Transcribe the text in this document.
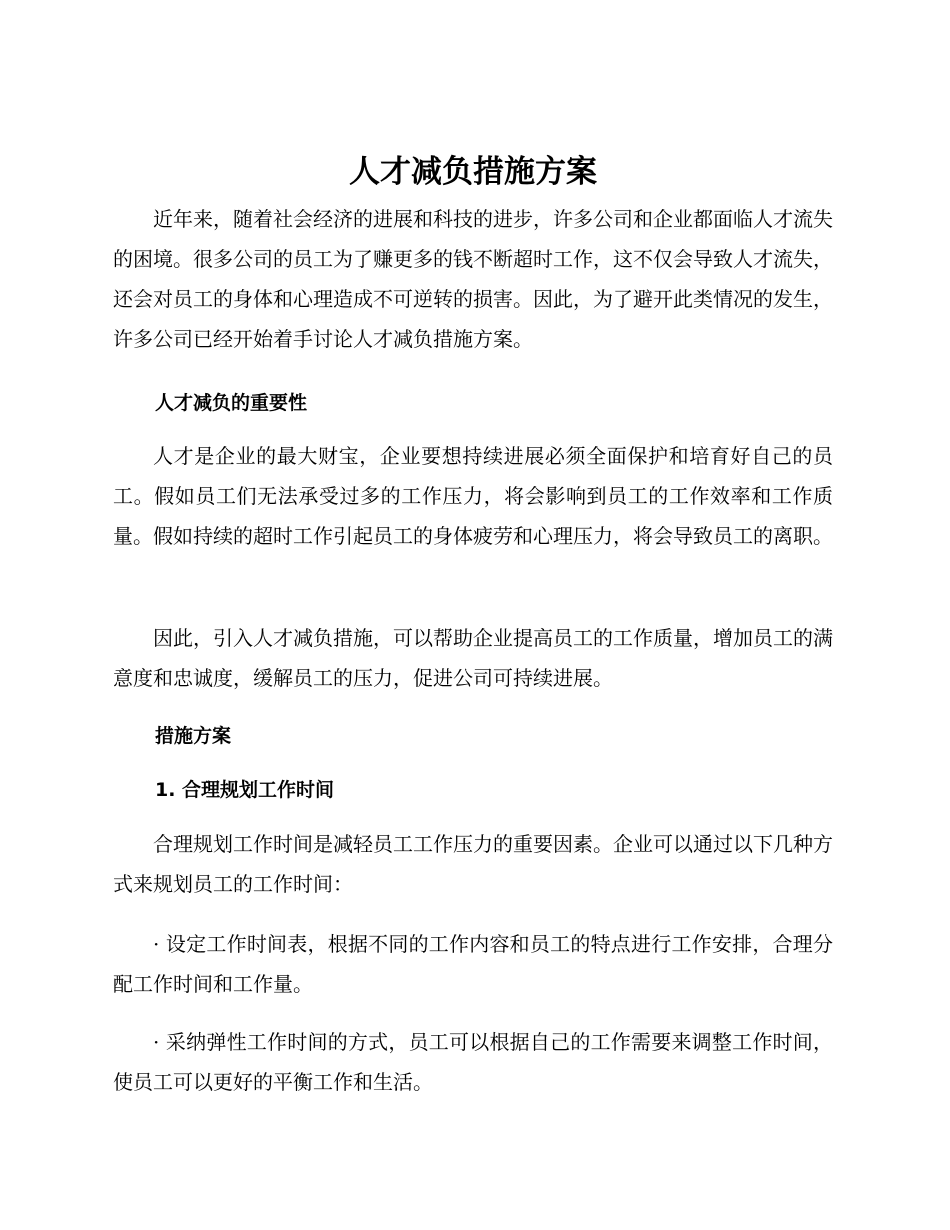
人才减负措施方案

近年来，随着社会经济的进展和科技的进步，许多公司和企业都面临人才流失的困境。很多公司的员工为了赚更多的钱不断超时工作，这不仅会导致人才流失，还会对员工的身体和心理造成不可逆转的损害。因此，为了避开此类情况的发生，许多公司已经开始着手讨论人才减负措施方案。

人才减负的重要性

人才是企业的最大财宝，企业要想持续进展必须全面保护和培育好自己的员工。假如员工们无法承受过多的工作压力，将会影响到员工的工作效率和工作质量。假如持续的超时工作引起员工的身体疲劳和心理压力，将会导致员工的离职。

因此，引入人才减负措施，可以帮助企业提高员工的工作质量，增加员工的满意度和忠诚度，缓解员工的压力，促进公司可持续进展。

措施方案
1. 合理规划工作时间

合理规划工作时间是减轻员工工作压力的重要因素。企业可以通过以下几种方式来规划员工的工作时间：

· 设定工作时间表，根据不同的工作内容和员工的特点进行工作安排，合理分配工作时间和工作量。

· 采纳弹性工作时间的方式，员工可以根据自己的工作需要来调整工作时间，使员工可以更好的平衡工作和生活。
